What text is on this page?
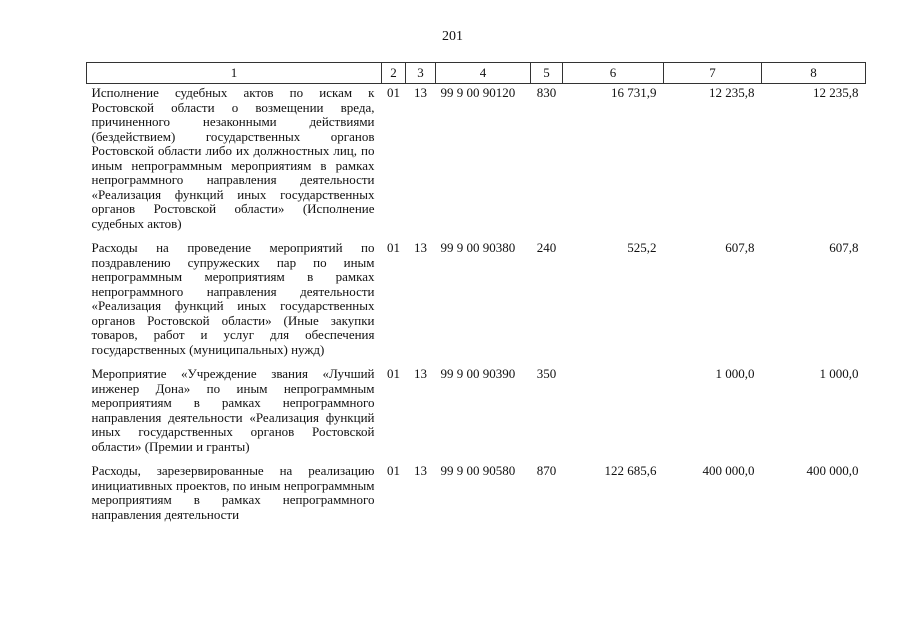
201
1	2	3	4	5	6	7	8
Исполнение судебных актов по искам к Ростовской области о возмещении вреда, причиненного незаконными действиями (бездействием) государственных органов Ростовской области либо их должностных лиц, по иным непрограммным мероприятиям в рамках непрограммного направления деятельности «Реализация функций иных государственных органов Ростовской области» (Исполнение судебных актов)	01	13	99 9 00 90120	830	16 731,9	12 235,8	12 235,8
Расходы на проведение мероприятий по поздравлению супружеских пар по иным непрограммным мероприятиям в рамках непрограммного направления деятельности «Реализация функций иных государственных органов Ростовской области» (Иные закупки товаров, работ и услуг для обеспечения государственных (муниципальных) нужд)	01	13	99 9 00 90380	240	525,2	607,8	607,8
Мероприятие «Учреждение звания «Лучший инженер Дона» по иным непрограммным мероприятиям в рамках непрограммного направления деятельности «Реализация функций иных государственных органов Ростовской области» (Премии и гранты)	01	13	99 9 00 90390	350		1 000,0	1 000,0
Расходы, зарезервированные на реализацию инициативных проектов, по иным непрограммным мероприятиям в рамках непрограммного направления деятельности	01	13	99 9 00 90580	870	122 685,6	400 000,0	400 000,0
